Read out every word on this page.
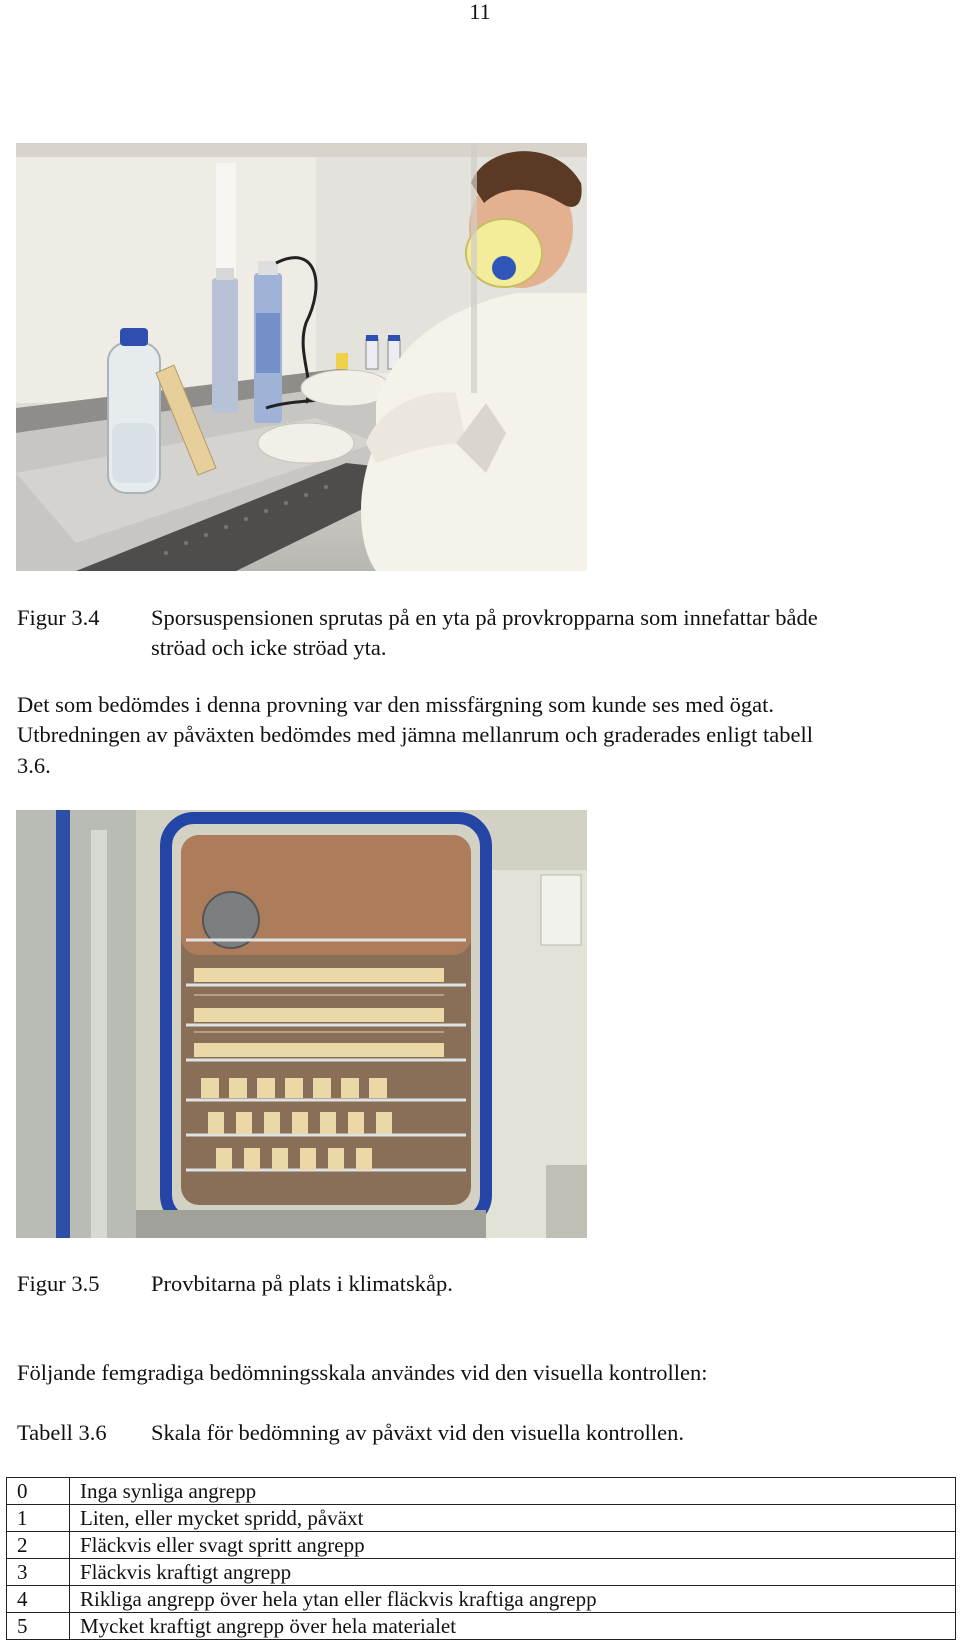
11
Figur 3.4 Sporsuspensionen sprutas på en yta på provkropparna som innefattar både
ströad och icke ströad yta.
Det som bedömdes i denna provning var den missfärgning som kunde ses med ögat.
Utbredningen av påväxten bedömdes med jämna mellanrum och graderades enligt tabell
3.6.
Figur 3.5 Provbitarna på plats i klimatskåp.
Följande femgradiga bedömningsskala användes vid den visuella kontrollen:
Tabell 3.6 Skala för bedömning av påväxt vid den visuella kontrollen.
0	Inga synliga angrepp
1	Liten, eller mycket spridd, påväxt
2	Fläckvis eller svagt spritt angrepp
3	Fläckvis kraftigt angrepp
4	Rikliga angrepp över hela ytan eller fläckvis kraftiga angrepp
5	Mycket kraftigt angrepp över hela materialet
